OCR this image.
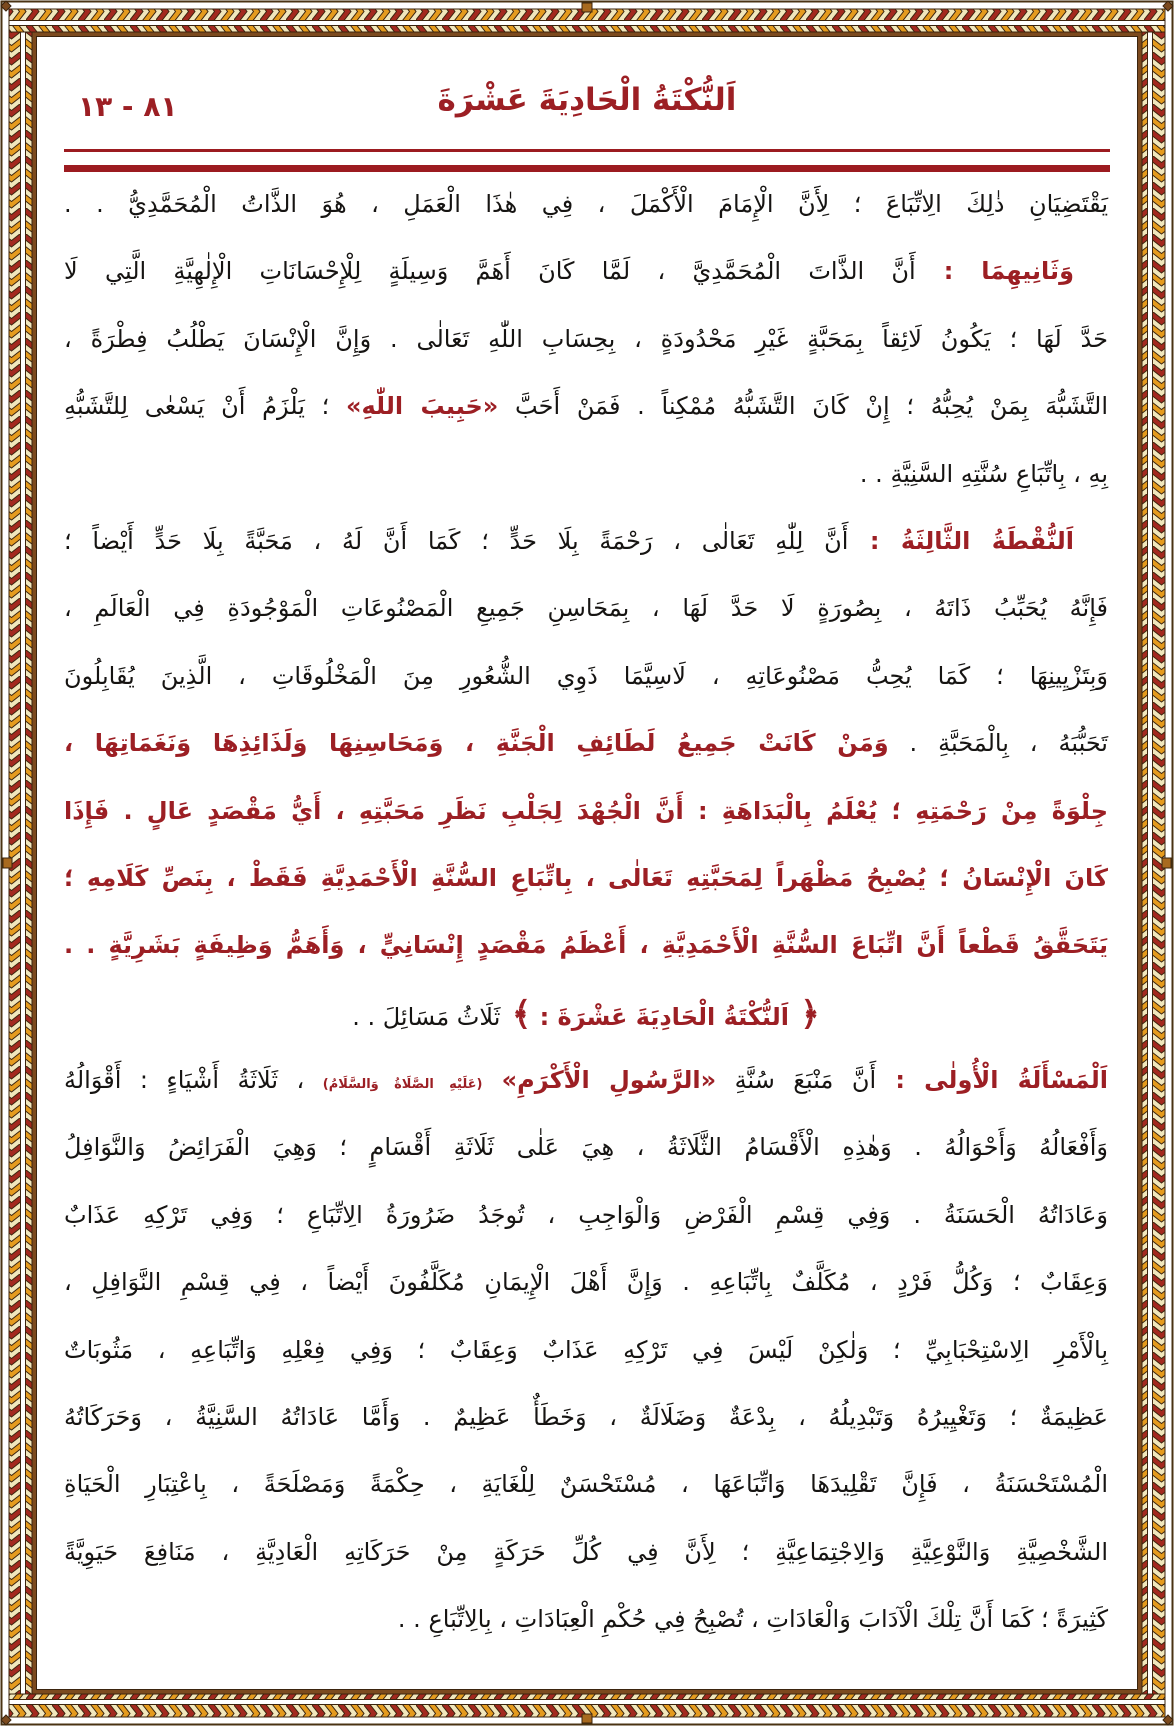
٨١ - ١٣	اَلنُّكْتَةُ الْحَادِيَةَ عَشْرَةَ
يَقْتَضِيَانِ ذٰلِكَ الِاتِّبَاعَ ؛ لِأَنَّ الْإِمَامَ الْأَكْمَلَ ، فِي هٰذَا الْعَمَلِ ، هُوَ الذَّاتُ الْمُحَمَّدِيُّ . .
وَثَانِيهِمَا : أَنَّ الذَّاتَ الْمُحَمَّدِيَّ ، لَمَّا كَانَ أَهَمَّ وَسِيلَةٍ لِلْإِحْسَانَاتِ الْإِلٰهِيَّةِ الَّتِي لَا
حَدَّ لَهَا ؛ يَكُونُ لَائِقاً بِمَحَبَّةٍ غَيْرِ مَحْدُودَةٍ ، بِحِسَابِ اللّٰهِ تَعَالٰى . وَإِنَّ الْإِنْسَانَ يَطْلُبُ فِطْرَةً ،
التَّشَبُّهَ بِمَنْ يُحِبُّهُ ؛ إِنْ كَانَ التَّشَبُّهُ مُمْكِناً . فَمَنْ أَحَبَّ «حَبِيبَ اللّٰهِ» ؛ يَلْزَمُ أَنْ يَسْعٰى لِلتَّشَبُّهِ
بِهِ ، بِاتِّبَاعِ سُنَّتِهِ السَّنِيَّةِ . .
اَلنُّقْطَةُ الثَّالِثَةُ : أَنَّ لِلّٰهِ تَعَالٰى ، رَحْمَةً بِلَا حَدٍّ ؛ كَمَا أَنَّ لَهُ ، مَحَبَّةً بِلَا حَدٍّ أَيْضاً ؛
فَإِنَّهُ يُحَبِّبُ ذَاتَهُ ، بِصُورَةٍ لَا حَدَّ لَهَا ، بِمَحَاسِنِ جَمِيعِ الْمَصْنُوعَاتِ الْمَوْجُودَةِ فِي الْعَالَمِ ،
وَبِتَزْيِينِهَا ؛ كَمَا يُحِبُّ مَصْنُوعَاتِهِ ، لَاسِيَّمَا ذَوِي الشُّعُورِ مِنَ الْمَخْلُوقَاتِ ، الَّذِينَ يُقَابِلُونَ
تَحَبُّبَهُ ، بِالْمَحَبَّةِ . وَمَنْ كَانَتْ جَمِيعُ لَطَائِفِ الْجَنَّةِ ، وَمَحَاسِنِهَا وَلَذَائِذِهَا وَنَغَمَاتِهَا ،
جِلْوَةً مِنْ رَحْمَتِهِ ؛ يُعْلَمُ بِالْبَدَاهَةِ : أَنَّ الْجُهْدَ لِجَلْبِ نَظَرِ مَحَبَّتِهِ ، أَيُّ مَقْصَدٍ عَالٍ . فَإِذَا
كَانَ الْإِنْسَانُ ؛ يُصْبِحُ مَظْهَراً لِمَحَبَّتِهِ تَعَالٰى ، بِاتِّبَاعِ السُّنَّةِ الْأَحْمَدِيَّةِ فَقَطْ ، بِنَصِّ كَلَامِهِ ؛
يَتَحَقَّقُ قَطْعاً أَنَّ اتِّبَاعَ السُّنَّةِ الْأَحْمَدِيَّةِ ، أَعْظَمُ مَقْصَدٍ إِنْسَانِيٍّ ، وَأَهَمُّ وَظِيفَةٍ بَشَرِيَّةٍ . .
﴿ اَلنُّكْتَةُ الْحَادِيَةَ عَشْرَةَ : ﴾ ثَلَاثُ مَسَائِلَ . .
اَلْمَسْأَلَةُ الْأُولٰى : أَنَّ مَنْبَعَ سُنَّةِ «الرَّسُولِ الْأَكْرَمِ» (عَلَيْهِ الصَّلَاةُ وَالسَّلَامُ) ، ثَلَاثَةُ أَشْيَاءٍ : أَقْوَالُهُ
وَأَفْعَالُهُ وَأَحْوَالُهُ . وَهٰذِهِ الْأَقْسَامُ الثَّلَاثَةُ ، هِيَ عَلٰى ثَلَاثَةِ أَقْسَامٍ ؛ وَهِيَ الْفَرَائِضُ وَالنَّوَافِلُ
وَعَادَاتُهُ الْحَسَنَةُ . وَفِي قِسْمِ الْفَرْضِ وَالْوَاجِبِ ، تُوجَدُ ضَرُورَةُ الِاتِّبَاعِ ؛ وَفِي تَرْكِهِ عَذَابٌ
وَعِقَابٌ ؛ وَكُلُّ فَرْدٍ ، مُكَلَّفٌ بِاتِّبَاعِهِ . وَإِنَّ أَهْلَ الْإِيمَانِ مُكَلَّفُونَ أَيْضاً ، فِي قِسْمِ النَّوَافِلِ ،
بِالْأَمْرِ الِاسْتِحْبَابِيِّ ؛ وَلٰكِنْ لَيْسَ فِي تَرْكِهِ عَذَابٌ وَعِقَابٌ ؛ وَفِي فِعْلِهِ وَاتِّبَاعِهِ ، مَثُوبَاتٌ
عَظِيمَةٌ ؛ وَتَغْيِيرُهُ وَتَبْدِيلُهُ ، بِدْعَةٌ وَضَلَالَةٌ ، وَخَطَأٌ عَظِيمٌ . وَأَمَّا عَادَاتُهُ السَّنِيَّةُ ، وَحَرَكَاتُهُ
الْمُسْتَحْسَنَةُ ، فَإِنَّ تَقْلِيدَهَا وَاتِّبَاعَهَا ، مُسْتَحْسَنٌ لِلْغَايَةِ ، حِكْمَةً وَمَصْلَحَةً ، بِاعْتِبَارِ الْحَيَاةِ
الشَّخْصِيَّةِ وَالنَّوْعِيَّةِ وَالِاجْتِمَاعِيَّةِ ؛ لِأَنَّ فِي كُلِّ حَرَكَةٍ مِنْ حَرَكَاتِهِ الْعَادِيَّةِ ، مَنَافِعَ حَيَوِيَّةً
كَثِيرَةً ؛ كَمَا أَنَّ تِلْكَ الْآدَابَ وَالْعَادَاتِ ، تُصْبِحُ فِي حُكْمِ الْعِبَادَاتِ ، بِالِاتِّبَاعِ . .
